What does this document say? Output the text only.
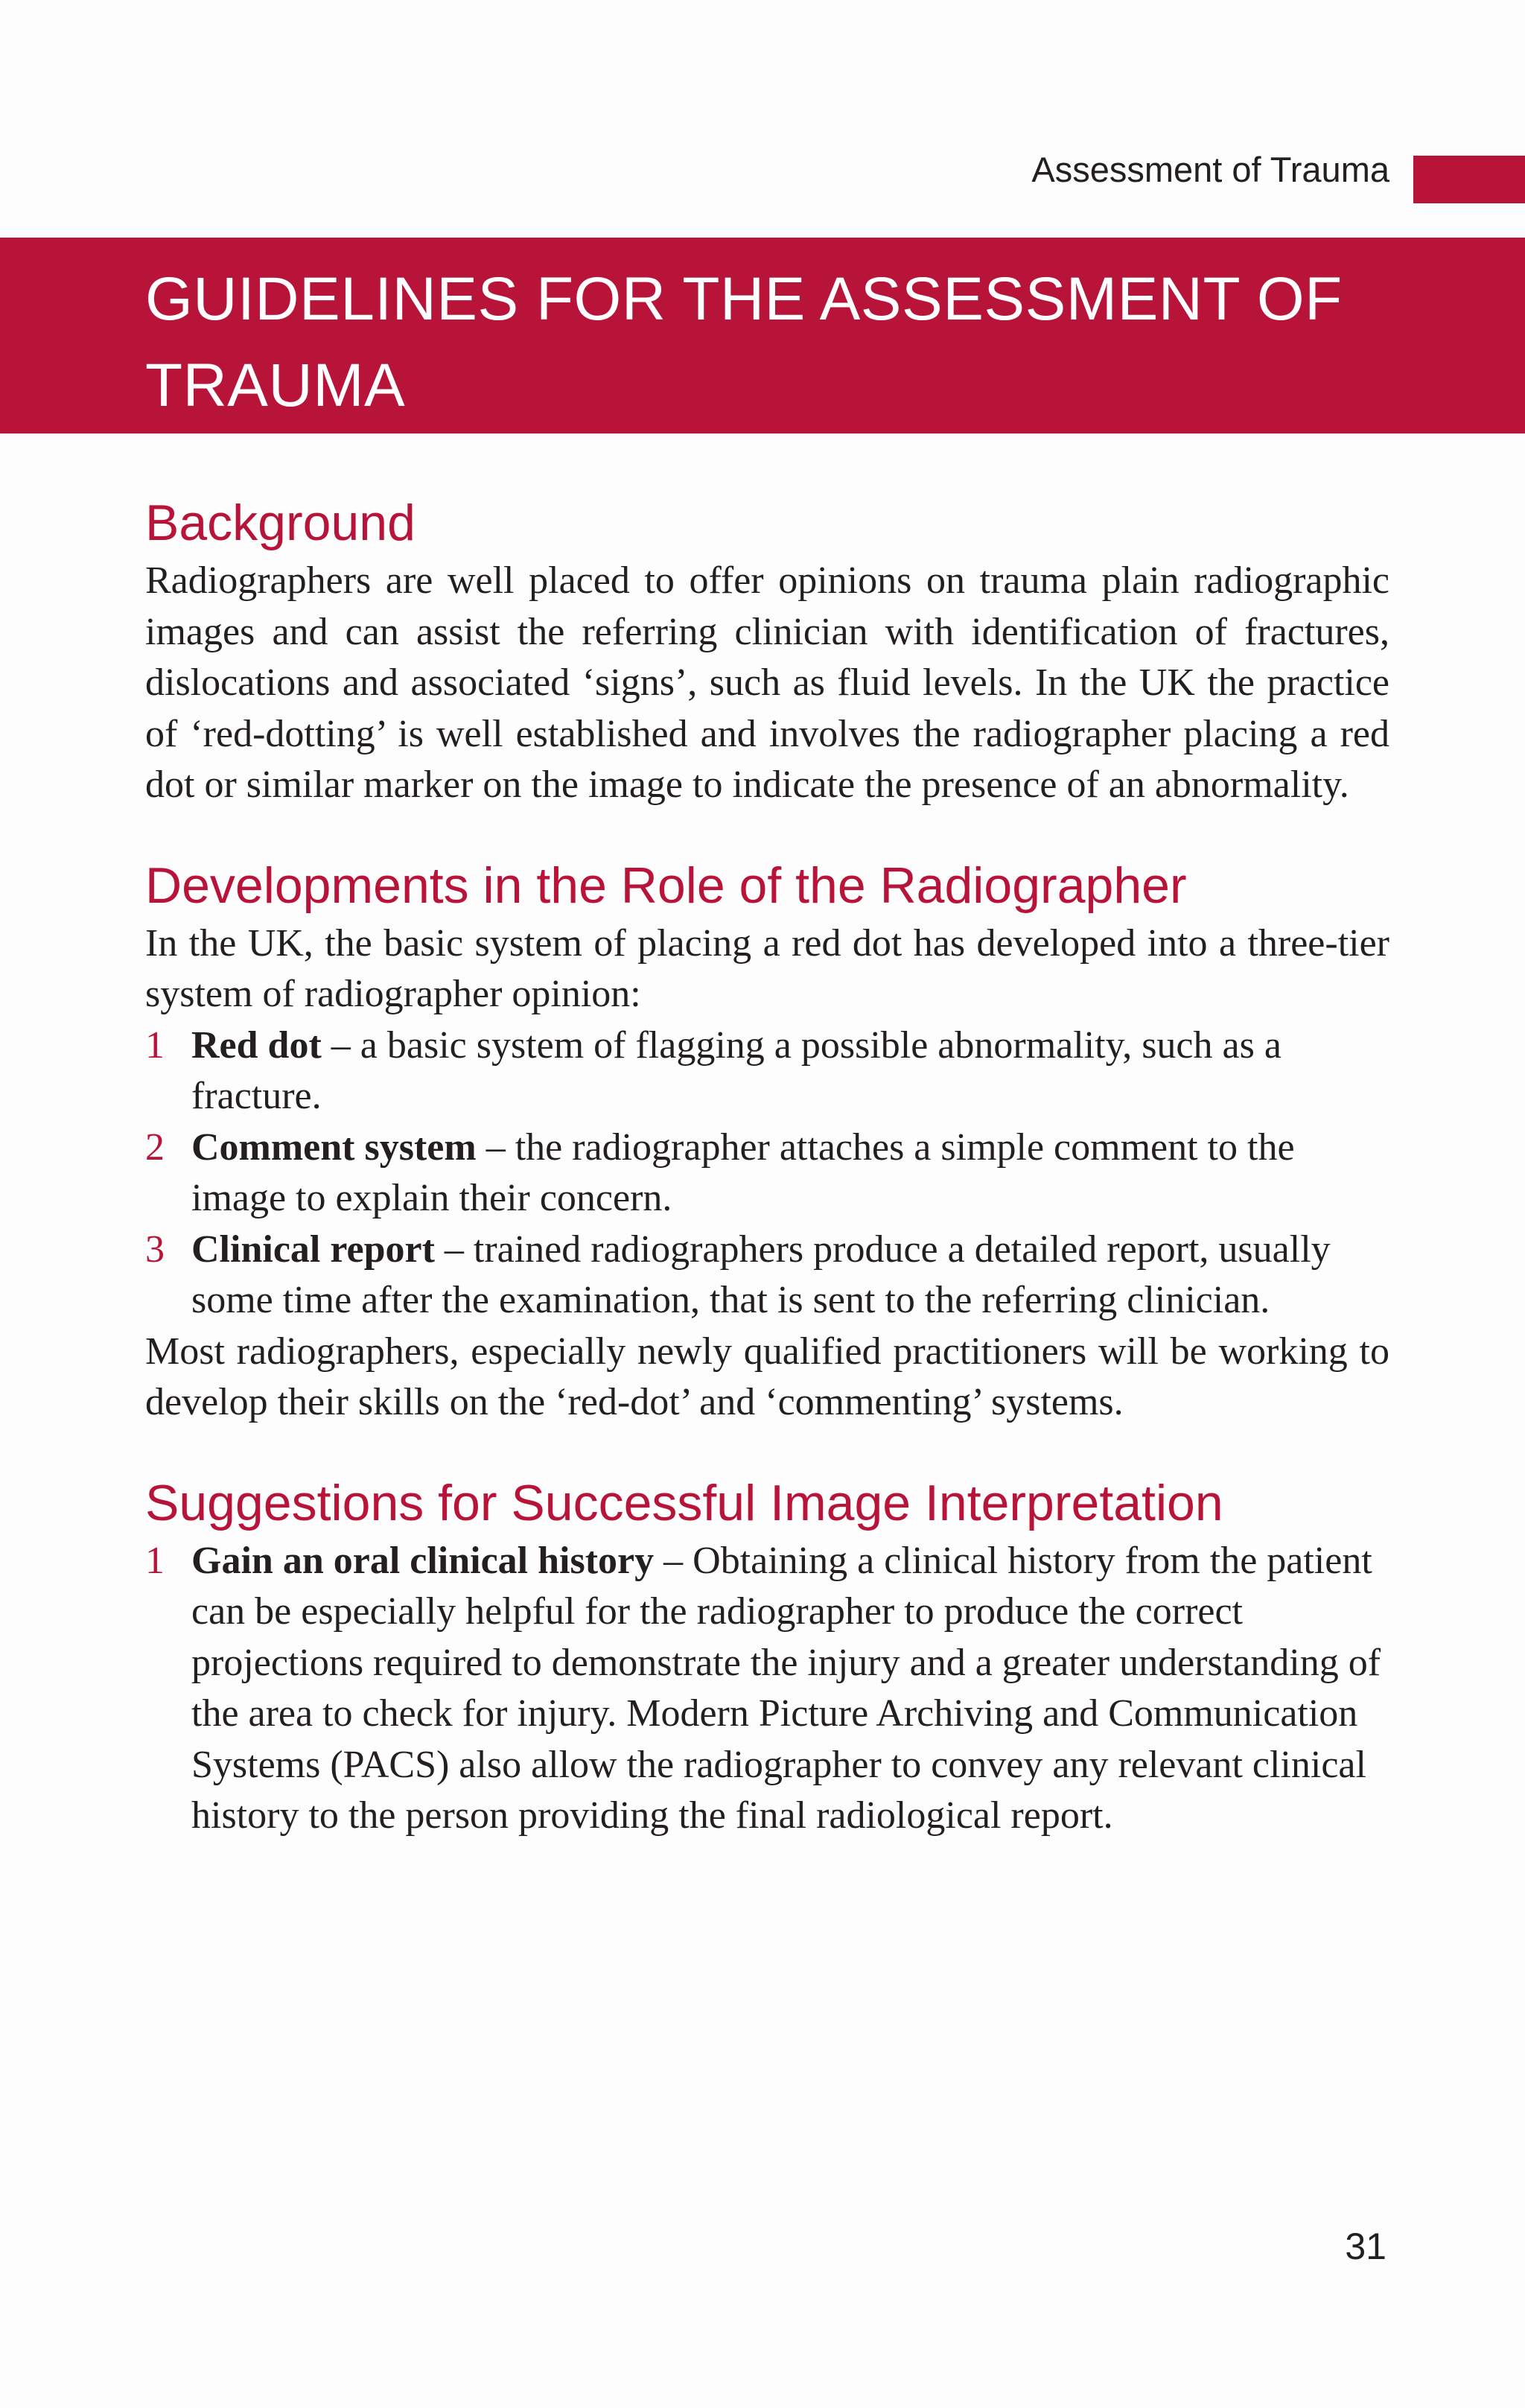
Assessment of Trauma
GUIDELINES FOR THE ASSESSMENT OF TRAUMA
Background

Radiographers are well placed to offer opinions on trauma plain radiographic images and can assist the referring clinician with identification of fractures, dislocations and associated ‘signs’, such as fluid levels. In the UK the practice of ‘red-dotting’ is well established and involves the radiographer placing a red dot or similar marker on the image to indicate the presence of an abnormality.

Developments in the Role of the Radiographer

In the UK, the basic system of placing a red dot has developed into a three-tier system of radiographer opinion:

1 Red dot – a basic system of flagging a possible abnormality, such as a fracture.
2 Comment system – the radiographer attaches a simple comment to the image to explain their concern.
3 Clinical report – trained radiographers produce a detailed report, usually some time after the examination, that is sent to the referring clinician.

Most radiographers, especially newly qualified practitioners will be working to develop their skills on the ‘red-dot’ and ‘commenting’ systems.

Suggestions for Successful Image Interpretation
1 Gain an oral clinical history – Obtaining a clinical history from the patient can be especially helpful for the radiographer to produce the correct projections required to demonstrate the injury and a greater understanding of the area to check for injury. Modern Picture Archiving and Communication Systems (PACS) also allow the radiographer to convey any relevant clinical history to the person providing the final radiological report.
31
